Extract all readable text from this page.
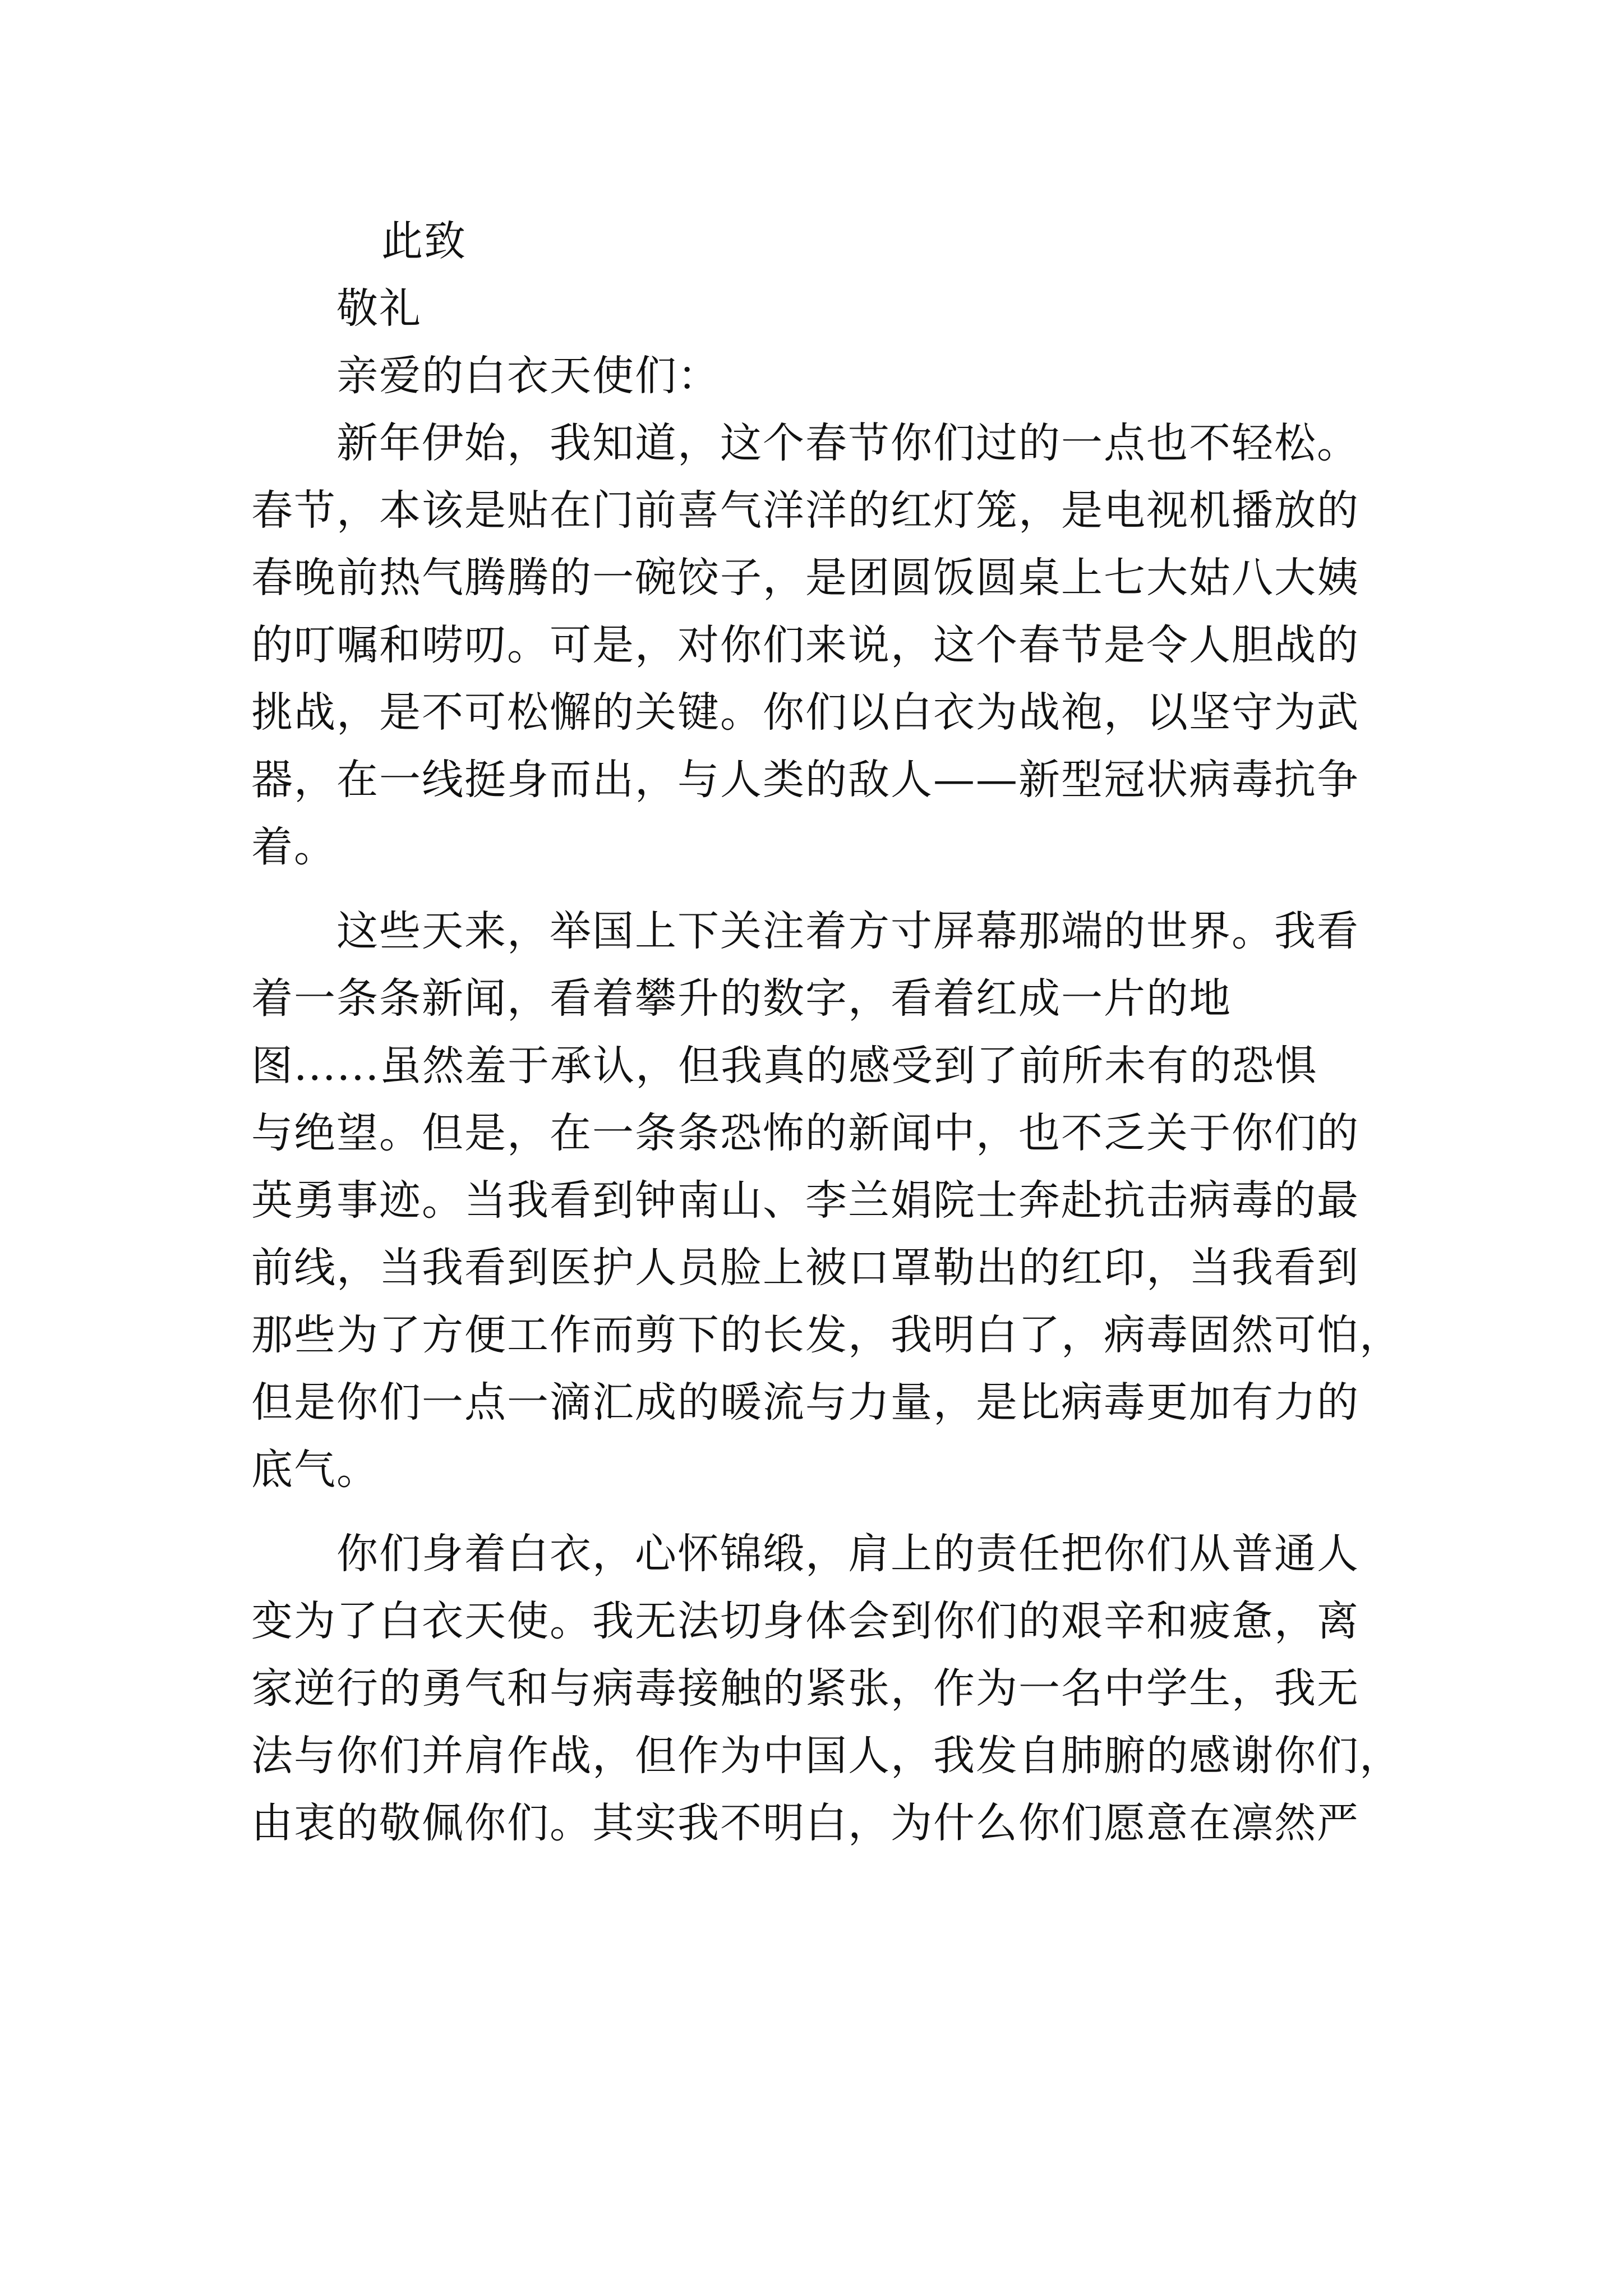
此致
敬礼
亲爱的白衣天使们：
新年伊始，我知道，这个春节你们过的一点也不轻松。
春节，本该是贴在门前喜气洋洋的红灯笼，是电视机播放的
春晚前热气腾腾的一碗饺子，是团圆饭圆桌上七大姑八大姨
的叮嘱和唠叨。可是，对你们来说，这个春节是令人胆战的
挑战，是不可松懈的关键。你们以白衣为战袍，以坚守为武
器，在一线挺身而出，与人类的敌人——新型冠状病毒抗争
着。
这些天来，举国上下关注着方寸屏幕那端的世界。我看
着一条条新闻，看着攀升的数字，看着红成一片的地
图......虽然羞于承认，但我真的感受到了前所未有的恐惧
与绝望。但是，在一条条恐怖的新闻中，也不乏关于你们的
英勇事迹。当我看到钟南山、李兰娟院士奔赴抗击病毒的最
前线，当我看到医护人员脸上被口罩勒出的红印，当我看到
那些为了方便工作而剪下的长发，我明白了，病毒固然可怕，
但是你们一点一滴汇成的暖流与力量，是比病毒更加有力的
底气。
你们身着白衣，心怀锦缎，肩上的责任把你们从普通人
变为了白衣天使。我无法切身体会到你们的艰辛和疲惫，离
家逆行的勇气和与病毒接触的紧张，作为一名中学生，我无
法与你们并肩作战，但作为中国人，我发自肺腑的感谢你们，
由衷的敬佩你们。其实我不明白，为什么你们愿意在凛然严
